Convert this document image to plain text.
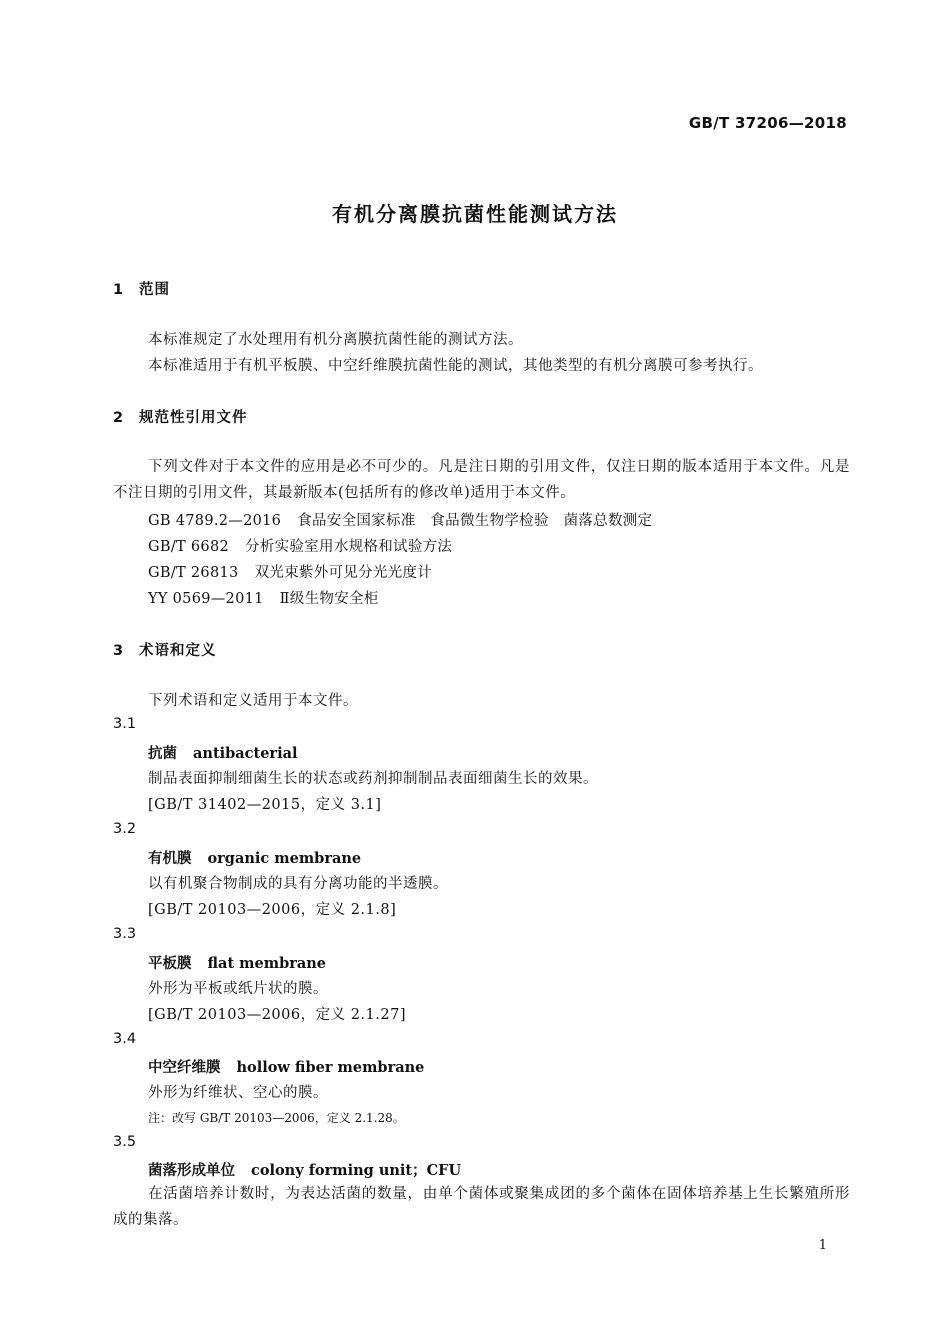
GB/T 37206—2018
有机分离膜抗菌性能测试方法
1 范围
本标准规定了水处理用有机分离膜抗菌性能的测试方法。
本标准适用于有机平板膜、中空纤维膜抗菌性能的测试，其他类型的有机分离膜可参考执行。
2 规范性引用文件
下列文件对于本文件的应用是必不可少的。凡是注日期的引用文件，仅注日期的版本适用于本文件。凡是不注日期的引用文件，其最新版本(包括所有的修改单)适用于本文件。
GB 4789.2—2016 食品安全国家标准　食品微生物学检验　菌落总数测定
GB/T 6682 分析实验室用水规格和试验方法
GB/T 26813 双光束紫外可见分光光度计
YY 0569—2011 Ⅱ级生物安全柜
3 术语和定义
下列术语和定义适用于本文件。
3.1
抗菌 antibacterial
制品表面抑制细菌生长的状态或药剂抑制制品表面细菌生长的效果。
[GB/T 31402—2015，定义 3.1]
3.2
有机膜 organic membrane
以有机聚合物制成的具有分离功能的半透膜。
[GB/T 20103—2006，定义 2.1.8]
3.3
平板膜 flat membrane
外形为平板或纸片状的膜。
[GB/T 20103—2006，定义 2.1.27]
3.4
中空纤维膜 hollow fiber membrane
外形为纤维状、空心的膜。
注：改写 GB/T 20103—2006，定义 2.1.28。
3.5
菌落形成单位 colony forming unit；CFU
在活菌培养计数时，为表达活菌的数量，由单个菌体或聚集成团的多个菌体在固体培养基上生长繁殖所形成的集落。
1
